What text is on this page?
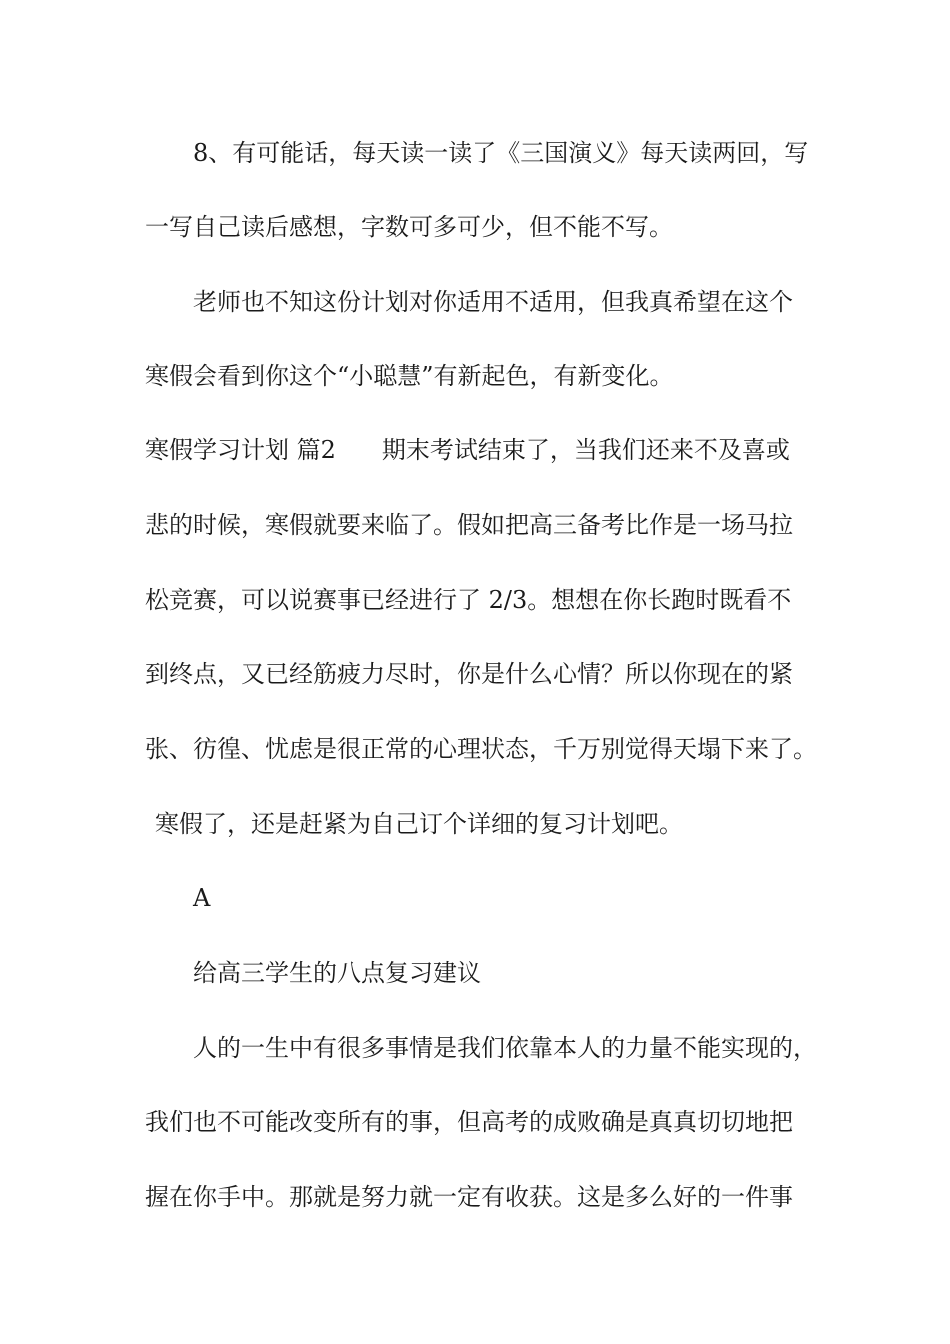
8、有可能话，每天读一读了《三国演义》每天读两回，写
一写自己读后感想，字数可多可少，但不能不写。
老师也不知这份计划对你适用不适用，但我真希望在这个
寒假会看到你这个“小聪慧”有新起色，有新变化。
寒假学习计划 篇2 期末考试结束了，当我们还来不及喜或
悲的时候，寒假就要来临了。假如把高三备考比作是一场马拉
松竞赛，可以说赛事已经进行了 2/3。想想在你长跑时既看不
到终点，又已经筋疲力尽时，你是什么心情？所以你现在的紧
张、彷徨、忧虑是很正常的心理状态，千万别觉得天塌下来了。
寒假了，还是赶紧为自己订个详细的复习计划吧。
A
给高三学生的八点复习建议
人的一生中有很多事情是我们依靠本人的力量不能实现的，
我们也不可能改变所有的事，但高考的成败确是真真切切地把
握在你手中。那就是努力就一定有收获。这是多么好的一件事
